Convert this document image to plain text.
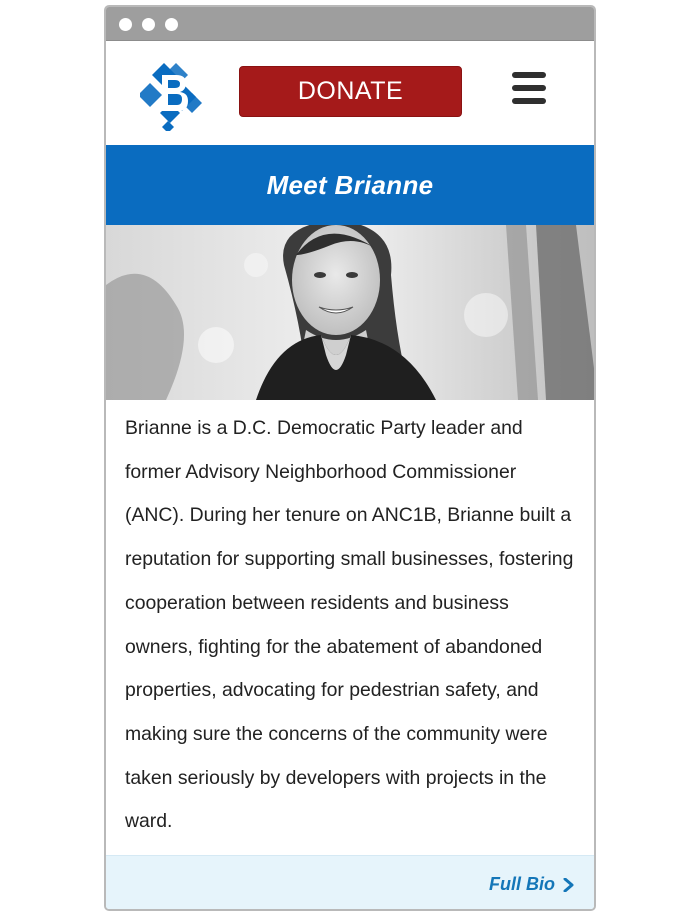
DONATE
Meet Brianne

Brianne is a D.C. Democratic Party leader and former Advisory Neighborhood Commissioner (ANC). During her tenure on ANC1B, Brianne built a reputation for supporting small businesses, fostering cooperation between residents and business owners, fighting for the abatement of abandoned properties, advocating for pedestrian safety, and making sure the concerns of the community were taken seriously by developers with projects in the ward.

Full Bio
